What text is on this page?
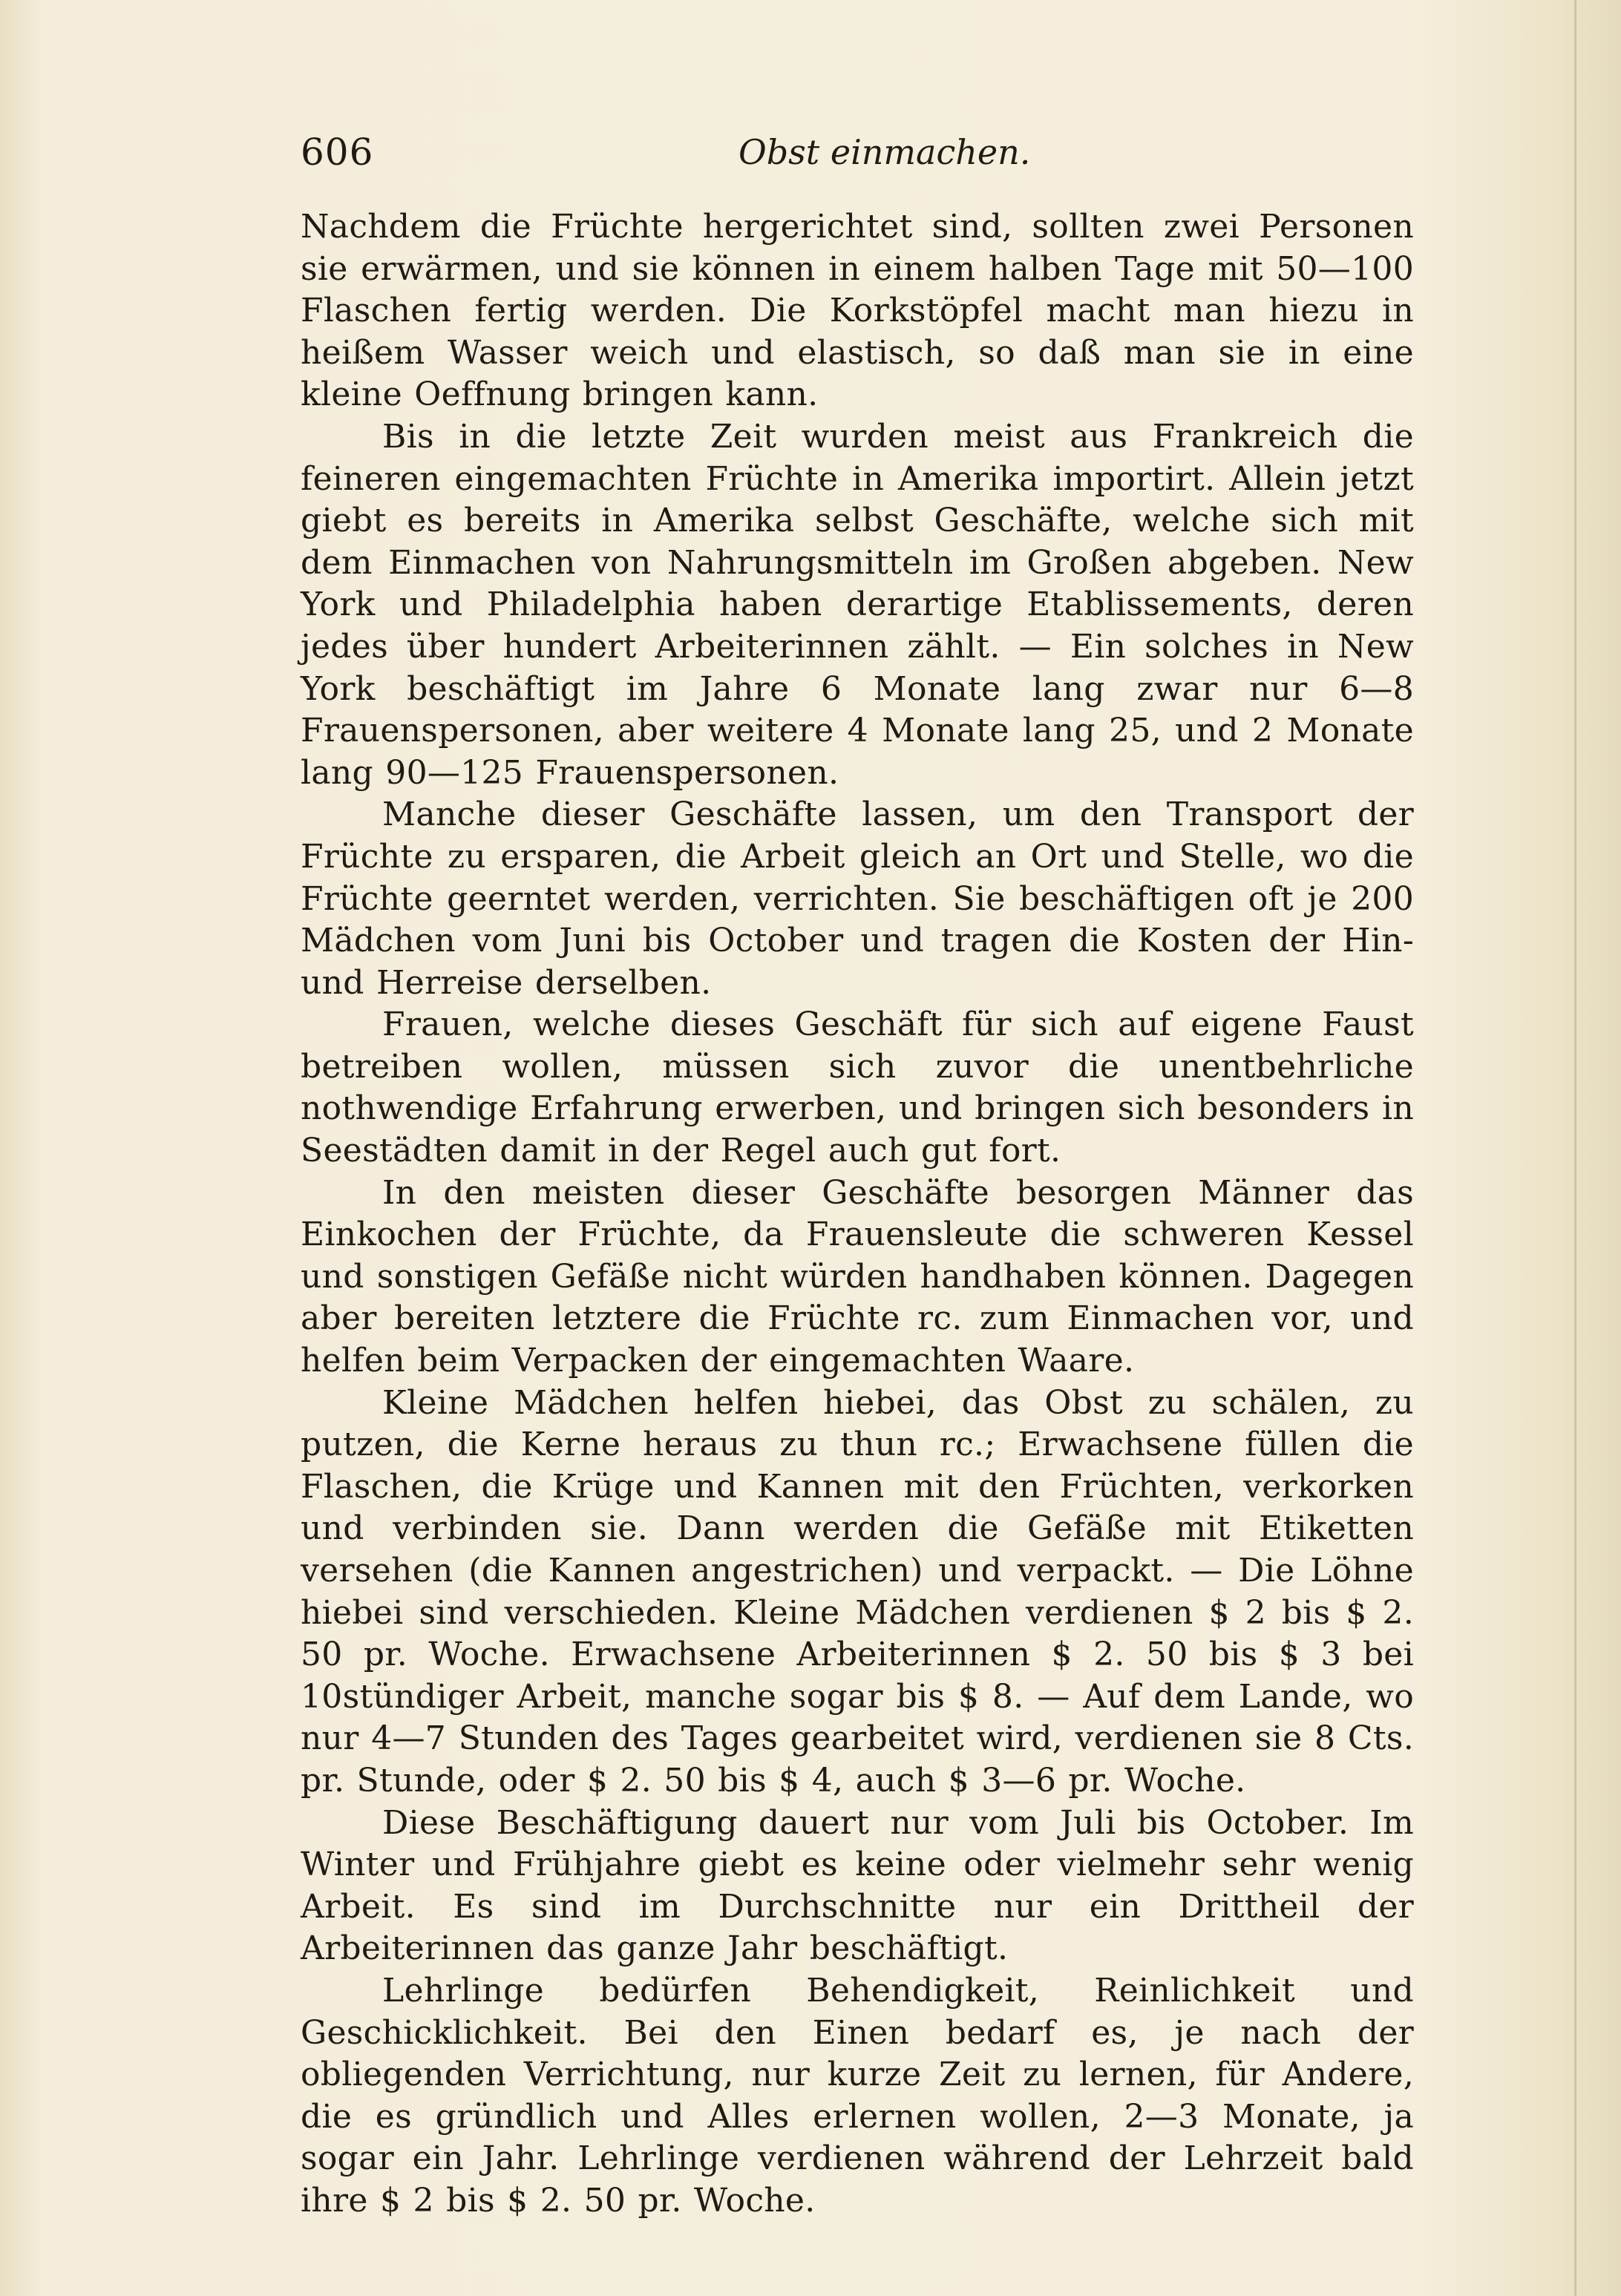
606	Obst einmachen.

Nachdem die Früchte hergerichtet sind, sollten zwei Personen sie erwärmen, und sie können in einem halben Tage mit 50—100 Flaschen fertig werden. Die Korkstöpfel macht man hiezu in heißem Wasser weich und elastisch, so daß man sie in eine kleine Oeffnung bringen kann.

Bis in die letzte Zeit wurden meist aus Frankreich die feineren eingemachten Früchte in Amerika importirt. Allein jetzt giebt es bereits in Amerika selbst Geschäfte, welche sich mit dem Einmachen von Nahrungsmitteln im Großen abgeben. New York und Philadelphia haben derartige Etablissements, deren jedes über hundert Arbeiterinnen zählt. — Ein solches in New York beschäftigt im Jahre 6 Monate lang zwar nur 6—8 Frauenspersonen, aber weitere 4 Monate lang 25, und 2 Monate lang 90—125 Frauenspersonen.

Manche dieser Geschäfte lassen, um den Transport der Früchte zu ersparen, die Arbeit gleich an Ort und Stelle, wo die Früchte geerntet werden, verrichten. Sie beschäftigen oft je 200 Mädchen vom Juni bis October und tragen die Kosten der Hin- und Herreise derselben.

Frauen, welche dieses Geschäft für sich auf eigene Faust betreiben wollen, müssen sich zuvor die unentbehrliche nothwendige Erfahrung erwerben, und bringen sich besonders in Seestädten damit in der Regel auch gut fort.

In den meisten dieser Geschäfte besorgen Männer das Einkochen der Früchte, da Frauensleute die schweren Kessel und sonstigen Gefäße nicht würden handhaben können. Dagegen aber bereiten letztere die Früchte rc. zum Einmachen vor, und helfen beim Verpacken der eingemachten Waare.

Kleine Mädchen helfen hiebei, das Obst zu schälen, zu putzen, die Kerne heraus zu thun rc.; Erwachsene füllen die Flaschen, die Krüge und Kannen mit den Früchten, verkorken und verbinden sie. Dann werden die Gefäße mit Etiketten versehen (die Kannen angestrichen) und verpackt. — Die Löhne hiebei sind verschieden. Kleine Mädchen verdienen $ 2 bis $ 2. 50 pr. Woche. Erwachsene Arbeiterinnen $ 2. 50 bis $ 3 bei 10stündiger Arbeit, manche sogar bis $ 8. — Auf dem Lande, wo nur 4—7 Stunden des Tages gearbeitet wird, verdienen sie 8 Cts. pr. Stunde, oder $ 2. 50 bis $ 4, auch $ 3—6 pr. Woche.

Diese Beschäftigung dauert nur vom Juli bis October. Im Winter und Frühjahre giebt es keine oder vielmehr sehr wenig Arbeit. Es sind im Durchschnitte nur ein Drittheil der Arbeiterinnen das ganze Jahr beschäftigt.

Lehrlinge bedürfen Behendigkeit, Reinlichkeit und Geschicklichkeit. Bei den Einen bedarf es, je nach der obliegenden Verrichtung, nur kurze Zeit zu lernen, für Andere, die es gründlich und Alles erlernen wollen, 2—3 Monate, ja sogar ein Jahr. Lehrlinge verdienen während der Lehrzeit bald ihre $ 2 bis $ 2. 50 pr. Woche.
